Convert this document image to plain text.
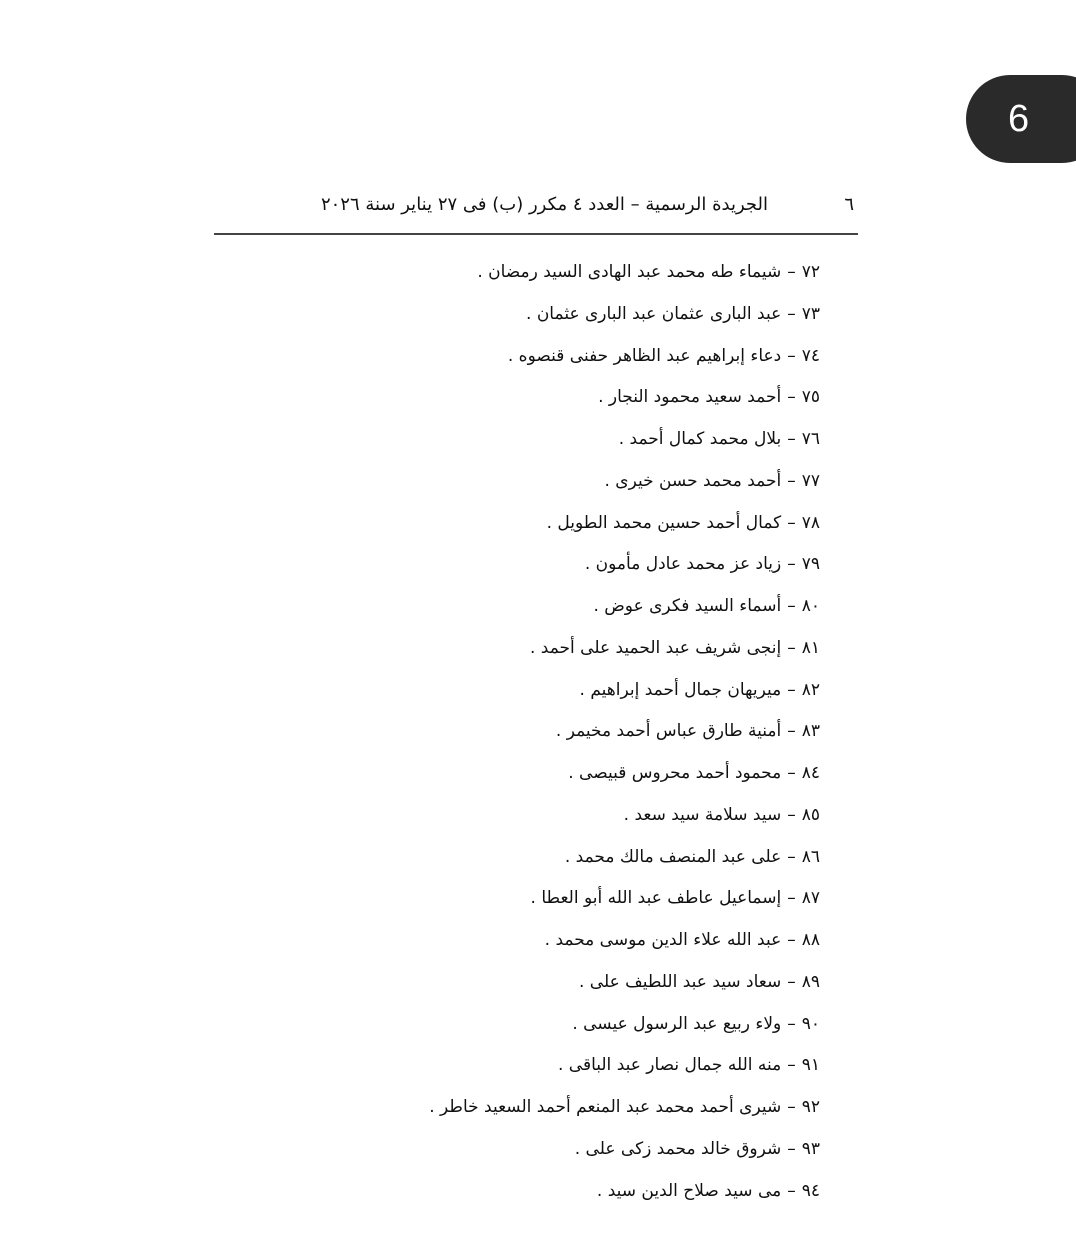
6
الجريدة الرسمية – العدد ٤ مكرر (ب) فى ٢٧ يناير سنة ٢٠٢٦	٦
٧٢–شيماء طه محمد عبد الهادى السيد رمضان .
٧٣–عبد البارى عثمان عبد البارى عثمان .
٧٤–دعاء إبراهيم عبد الظاهر حفنى قنصوه .
٧٥–أحمد سعيد محمود النجار .
٧٦–بلال محمد كمال أحمد .
٧٧–أحمد محمد حسن خيرى .
٧٨–كمال أحمد حسين محمد الطويل .
٧٩–زياد عز محمد عادل مأمون .
٨٠–أسماء السيد فكرى عوض .
٨١–إنجى شريف عبد الحميد على أحمد .
٨٢–ميريهان جمال أحمد إبراهيم .
٨٣–أمنية طارق عباس أحمد مخيمر .
٨٤–محمود أحمد محروس قبيصى .
٨٥–سيد سلامة سيد سعد .
٨٦–على عبد المنصف مالك محمد .
٨٧–إسماعيل عاطف عبد الله أبو العطا .
٨٨–عبد الله علاء الدين موسى محمد .
٨٩–سعاد سيد عبد اللطيف على .
٩٠–ولاء ربيع عبد الرسول عيسى .
٩١–منه الله جمال نصار عبد الباقى .
٩٢–شيرى أحمد محمد عبد المنعم أحمد السعيد خاطر .
٩٣–شروق خالد محمد زكى على .
٩٤–مى سيد صلاح الدين سيد .
